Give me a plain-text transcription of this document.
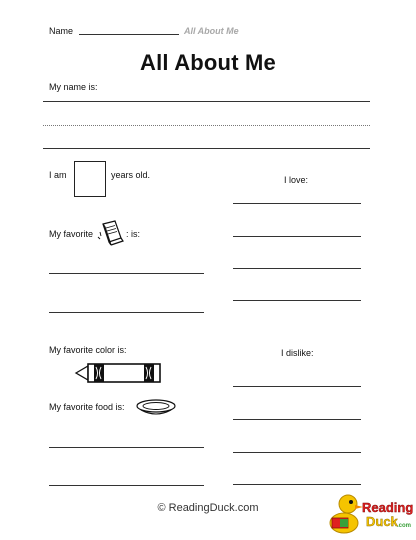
Name	All About Me
All About Me
My name is:
I am	years old.
My favorite	: is:
My favorite color is:
My favorite food is:
I love:
I dislike:
© ReadingDuck.com	Reading
Duck .com
